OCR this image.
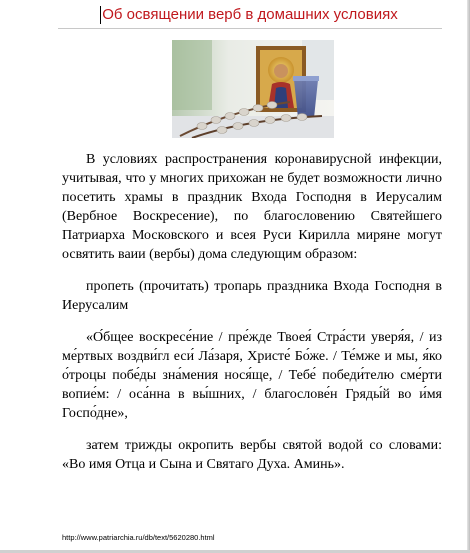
Об освящении верб в домашних условиях

В условиях распространения коронавирусной инфекции, учитывая, что у многих прихожан не будет возможности лично посетить храмы в праздник Входа Господня в Иерусалим (Вербное Воскресение), по благословению Святейшего Патриарха Московского и всея Руси Кирилла миряне могут освятить ваии (вербы) дома следующим образом:

пропеть (прочитать) тропарь праздника Входа Господня в Иерусалим

«О́бщее воскресе́ние / пре́жде Твоея́ Стра́сти уверя́я, / из ме́ртвых воздви́гл еси́ Ла́заря, Христе́ Бо́же. / Те́мже и мы, я́ко о́троцы побе́ды зна́мения нося́ще, / Тебе́ победи́телю сме́рти вопие́м: / оса́нна в вы́шних, / благослове́н Гряды́й во и́мя Госпо́дне»,

затем трижды окропить вербы святой водой со словами: «Во имя Отца и Сына и Святаго Духа. Аминь».

http://www.patriarchia.ru/db/text/5620280.html
